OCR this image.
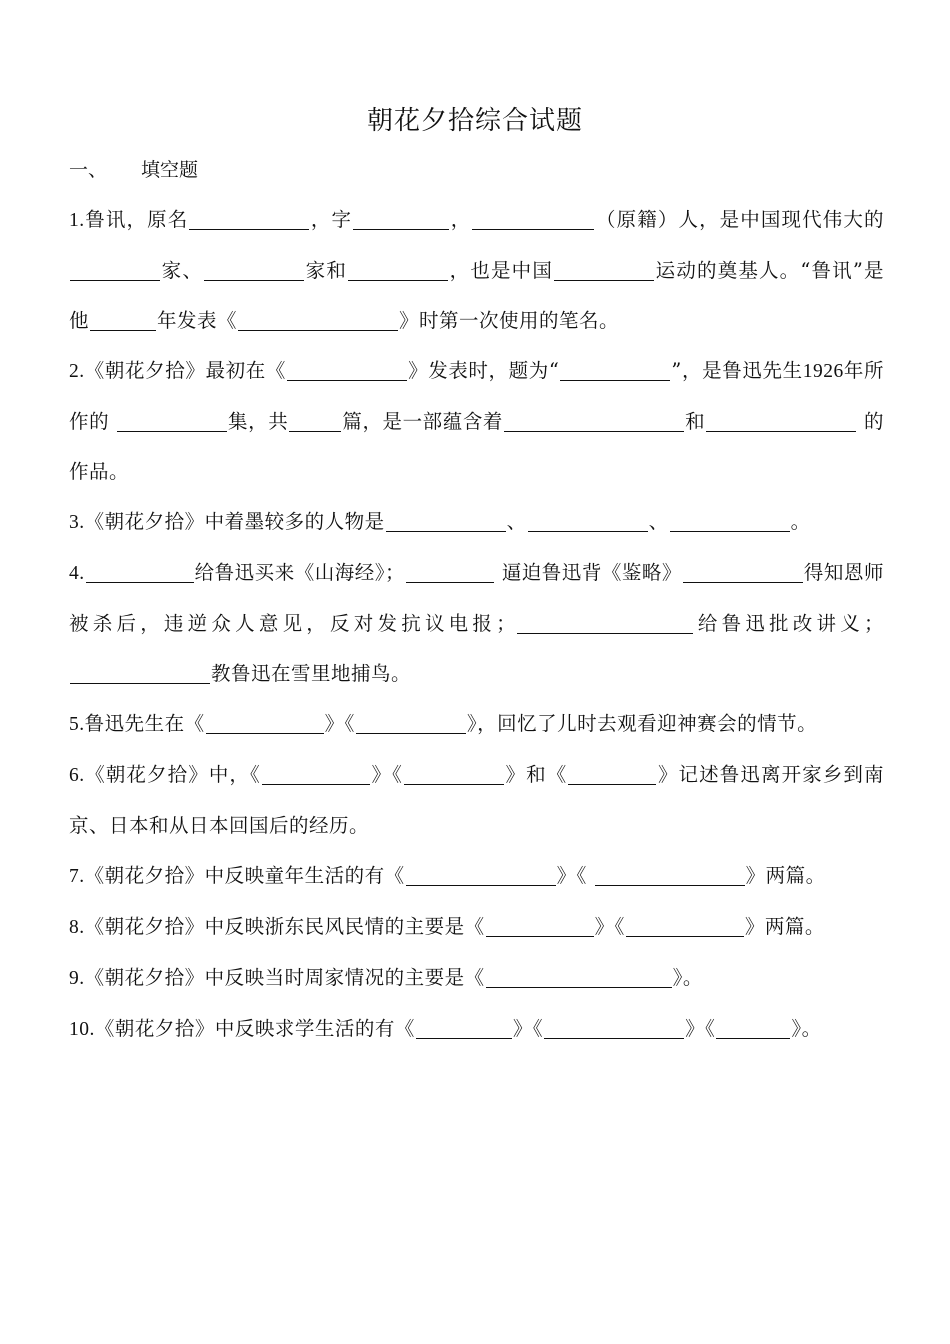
朝花夕拾综合试题
一、 填空题

1.鲁讯，原名	，字	，	（原籍）人，是中国现代伟大的家、	家和	，也是中国	运动的奠基人。“鲁讯”是他	年发表《	》时第一次使用的笔名。

2.《朝花夕拾》最初在《	》发表时，题为“	”，是鲁迅先生1926年所作的	集，共	篇，是一部蕴含着	和	的作品。

3.《朝花夕拾》中着墨较多的人物是	、	、	。

4.	给鲁迅买来《山海经》；	逼迫鲁迅背《鉴略》	得知恩师被杀后，违逆众人意见，反对发抗议电报；	给鲁迅批改讲义；教鲁迅在雪里地捕鸟。

5.鲁迅先生在《	》《	》，回忆了儿时去观看迎神赛会的情节。

6.《朝花夕拾》中，《	》《	》和《	》记述鲁迅离开家乡到南京、日本和从日本回国后的经历。

7.《朝花夕拾》中反映童年生活的有《	》《	》两篇。

8.《朝花夕拾》中反映浙东民风民情的主要是《	》《	》两篇。

9.《朝花夕拾》中反映当时周家情况的主要是《	》。

10.《朝花夕拾》中反映求学生活的有《	》《	》《	》。
